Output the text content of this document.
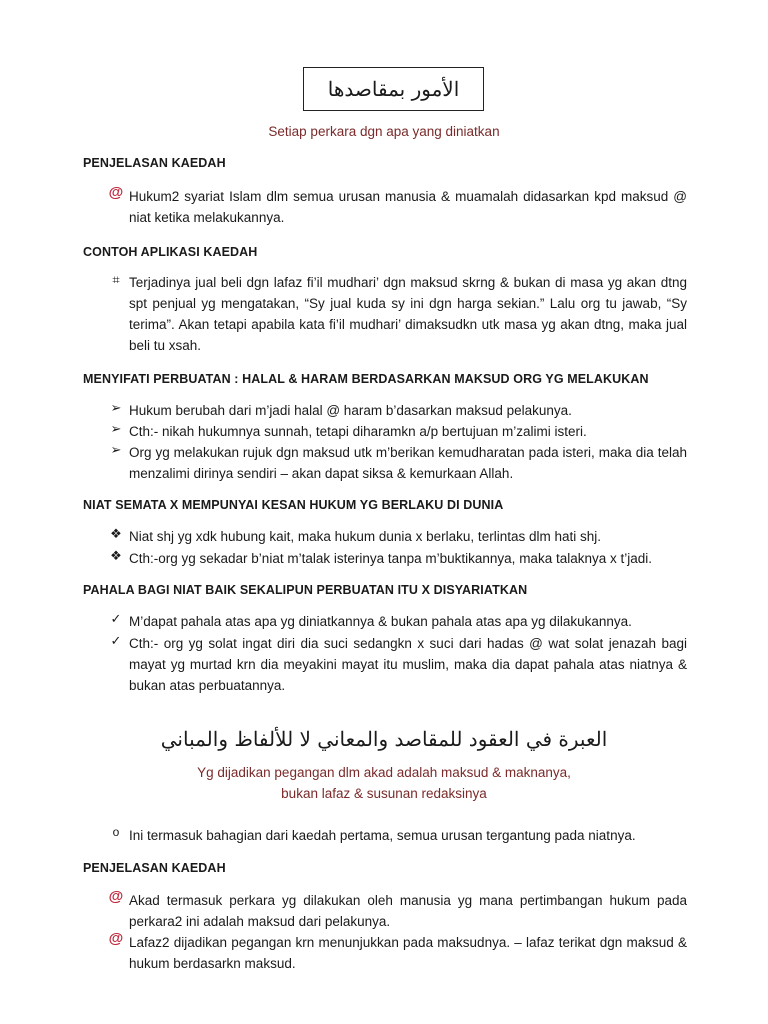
الأمور بمقاصدها
Setiap perkara dgn apa yang diniatkan
PENJELASAN KAEDAH
@ Hukum2 syariat Islam dlm semua urusan manusia & muamalah didasarkan kpd maksud @ niat ketika melakukannya.
CONTOH APLIKASI KAEDAH
⌗ Terjadinya jual beli dgn lafaz fi’il mudhari’ dgn maksud skrng & bukan di masa yg akan dtng spt penjual yg mengatakan, “Sy jual kuda sy ini dgn harga sekian.” Lalu org tu jawab, “Sy terima”. Akan tetapi apabila kata fi’il mudhari’ dimaksudkn utk masa yg akan dtng, maka jual beli tu xsah.
MENYIFATI PERBUATAN : HALAL & HARAM BERDASARKAN MAKSUD ORG YG MELAKUKAN
➢ Hukum berubah dari m’jadi halal @ haram b’dasarkan maksud pelakunya.
➢ Cth:- nikah hukumnya sunnah, tetapi diharamkn a/p bertujuan m’zalimi isteri.
➢ Org yg melakukan rujuk dgn maksud utk m’berikan kemudharatan pada isteri, maka dia telah menzalimi dirinya sendiri – akan dapat siksa & kemurkaan Allah.
NIAT SEMATA X MEMPUNYAI KESAN HUKUM YG BERLAKU DI DUNIA
❖ Niat shj yg xdk hubung kait, maka hukum dunia x berlaku, terlintas dlm hati shj.
❖ Cth:-org yg sekadar b’niat m’talak isterinya tanpa m’buktikannya, maka talaknya x t’jadi.
PAHALA BAGI NIAT BAIK SEKALIPUN PERBUATAN ITU X DISYARIATKAN
✓ M’dapat pahala atas apa yg diniatkannya & bukan pahala atas apa yg dilakukannya.
✓ Cth:- org yg solat ingat diri dia suci sedangkn x suci dari hadas @ wat solat jenazah bagi mayat yg murtad krn dia meyakini mayat itu muslim, maka dia dapat pahala atas niatnya & bukan atas perbuatannya.
العبرة في العقود للمقاصد والمعاني لا للألفاظ والمباني
Yg dijadikan pegangan dlm akad adalah maksud & maknanya,
bukan lafaz & susunan redaksinya
o Ini termasuk bahagian dari kaedah pertama, semua urusan tergantung pada niatnya.
PENJELASAN KAEDAH
@ Akad termasuk perkara yg dilakukan oleh manusia yg mana pertimbangan hukum pada perkara2 ini adalah maksud dari pelakunya.
@ Lafaz2 dijadikan pegangan krn menunjukkan pada maksudnya. – lafaz terikat dgn maksud & hukum berdasarkn maksud.
